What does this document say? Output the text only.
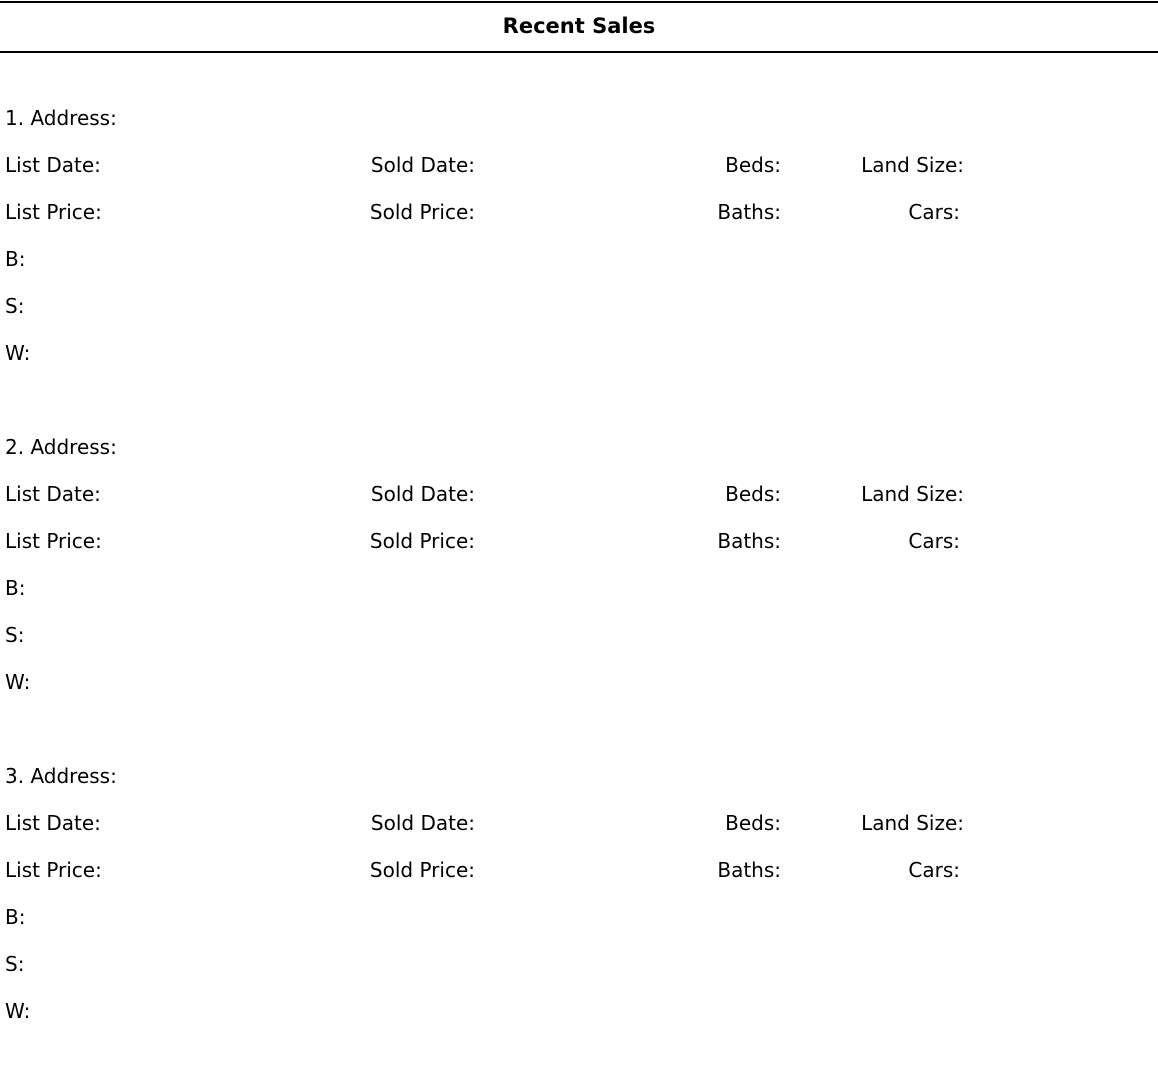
Recent Sales
1. Address:
List Date:	Sold Date:	Beds:	Land Size:
List Price:	Sold Price:	Baths:	Cars:
B:
S:
W:
2. Address:
List Date:	Sold Date:	Beds:	Land Size:
List Price:	Sold Price:	Baths:	Cars:
B:
S:
W:
3. Address:
List Date:	Sold Date:	Beds:	Land Size:
List Price:	Sold Price:	Baths:	Cars:
B:
S:
W:
